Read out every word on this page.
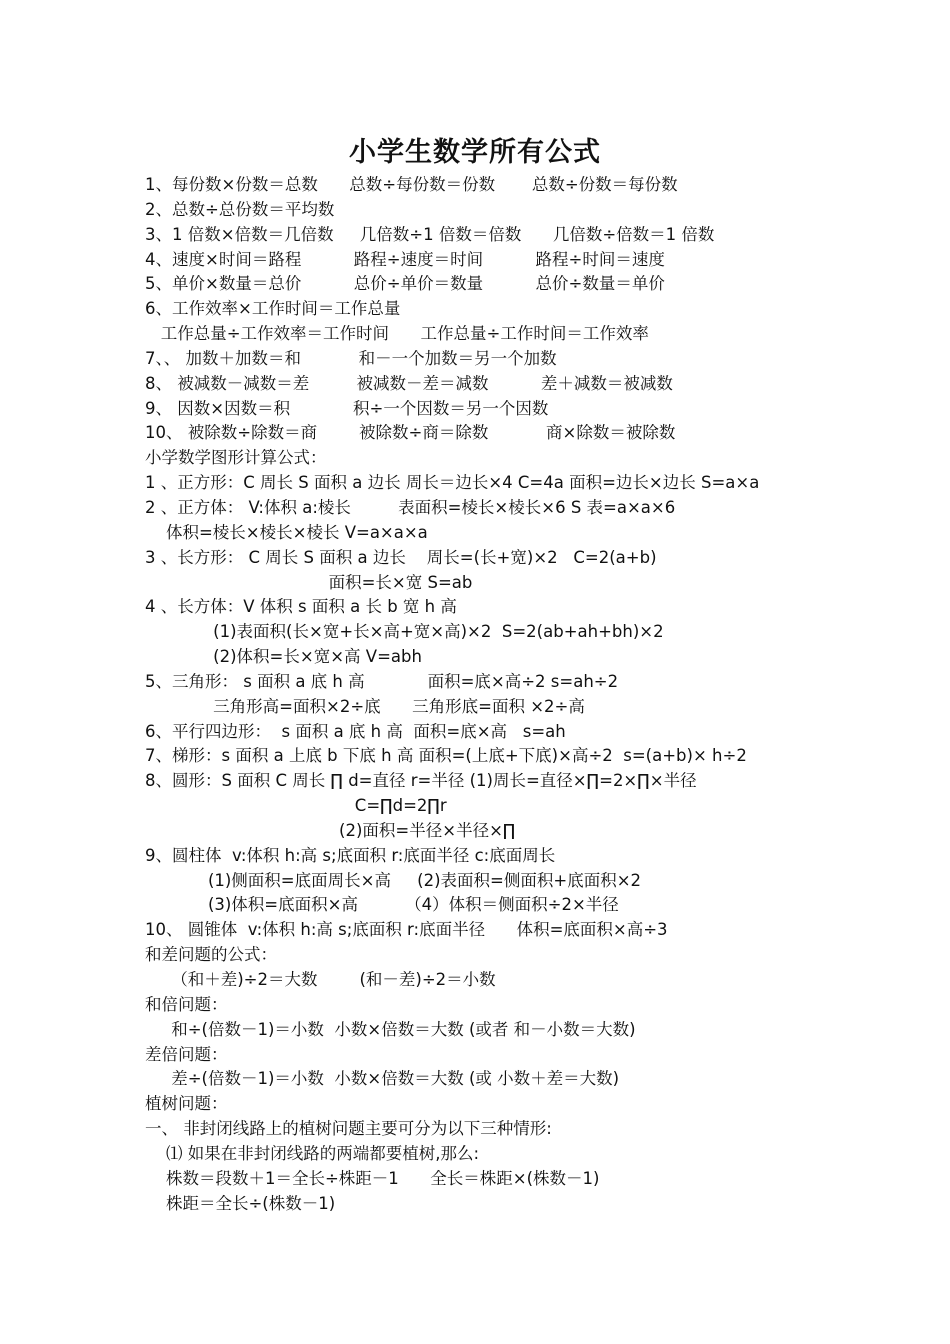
小学生数学所有公式
1、每份数×份数＝总数      总数÷每份数＝份数       总数÷份数＝每份数
2、总数÷总份数＝平均数
3、1 倍数×倍数＝几倍数     几倍数÷1 倍数＝倍数      几倍数÷倍数＝1 倍数
4、速度×时间＝路程          路程÷速度＝时间          路程÷时间＝速度
5、单价×数量＝总价          总价÷单价＝数量          总价÷数量＝单价
6、工作效率×工作时间＝工作总量
工作总量÷工作效率＝工作时间      工作总量÷工作时间＝工作效率
7、、 加数＋加数＝和           和－一个加数＝另一个加数
8、 被减数－减数＝差         被减数－差＝减数          差＋减数＝被减数
9、 因数×因数＝积            积÷一个因数＝另一个因数
10、 被除数÷除数＝商        被除数÷商＝除数           商×除数＝被除数
小学数学图形计算公式：
1 、正方形：C 周长 S 面积 a 边长 周长＝边长×4 C=4a 面积=边长×边长 S=a×a
2 、正方体： V:体积 a:棱长         表面积=棱长×棱长×6 S 表=a×a×6
体积=棱长×棱长×棱长 V=a×a×a
3 、长方形： C 周长 S 面积 a 边长    周长=(长+宽)×2   C=2(a+b)
面积=长×宽 S=ab
4 、长方体：V 体积 s 面积 a 长 b 宽 h 高
(1)表面积(长×宽+长×高+宽×高)×2  S=2(ab+ah+bh)×2
(2)体积=长×宽×高 V=abh
5、三角形： s 面积 a 底 h 高            面积=底×高÷2 s=ah÷2
三角形高=面积×2÷底      三角形底=面积 ×2÷高
6、平行四边形：  s 面积 a 底 h 高  面积=底×高   s=ah
7、梯形：s 面积 a 上底 b 下底 h 高 面积=(上底+下底)×高÷2  s=(a+b)× h÷2
8、圆形：S 面积 C 周长 ∏ d=直径 r=半径 (1)周长=直径×∏=2×∏×半径
C=∏d=2∏r
(2)面积=半径×半径×∏
9、圆柱体  v:体积 h:高 s;底面积 r:底面半径 c:底面周长
(1)侧面积=底面周长×高     (2)表面积=侧面积+底面积×2
(3)体积=底面积×高         （4）体积＝侧面积÷2×半径
10、 圆锥体  v:体积 h:高 s;底面积 r:底面半径      体积=底面积×高÷3
和差问题的公式：
（和＋差)÷2＝大数        (和－差)÷2＝小数
和倍问题：
和÷(倍数－1)＝小数  小数×倍数＝大数 (或者 和－小数＝大数)
差倍问题：
差÷(倍数－1)＝小数  小数×倍数＝大数 (或 小数＋差＝大数)
植树问题：
一、 非封闭线路上的植树问题主要可分为以下三种情形:
⑴ 如果在非封闭线路的两端都要植树,那么:
株数＝段数＋1＝全长÷株距－1      全长＝株距×(株数－1)
株距＝全长÷(株数－1)
